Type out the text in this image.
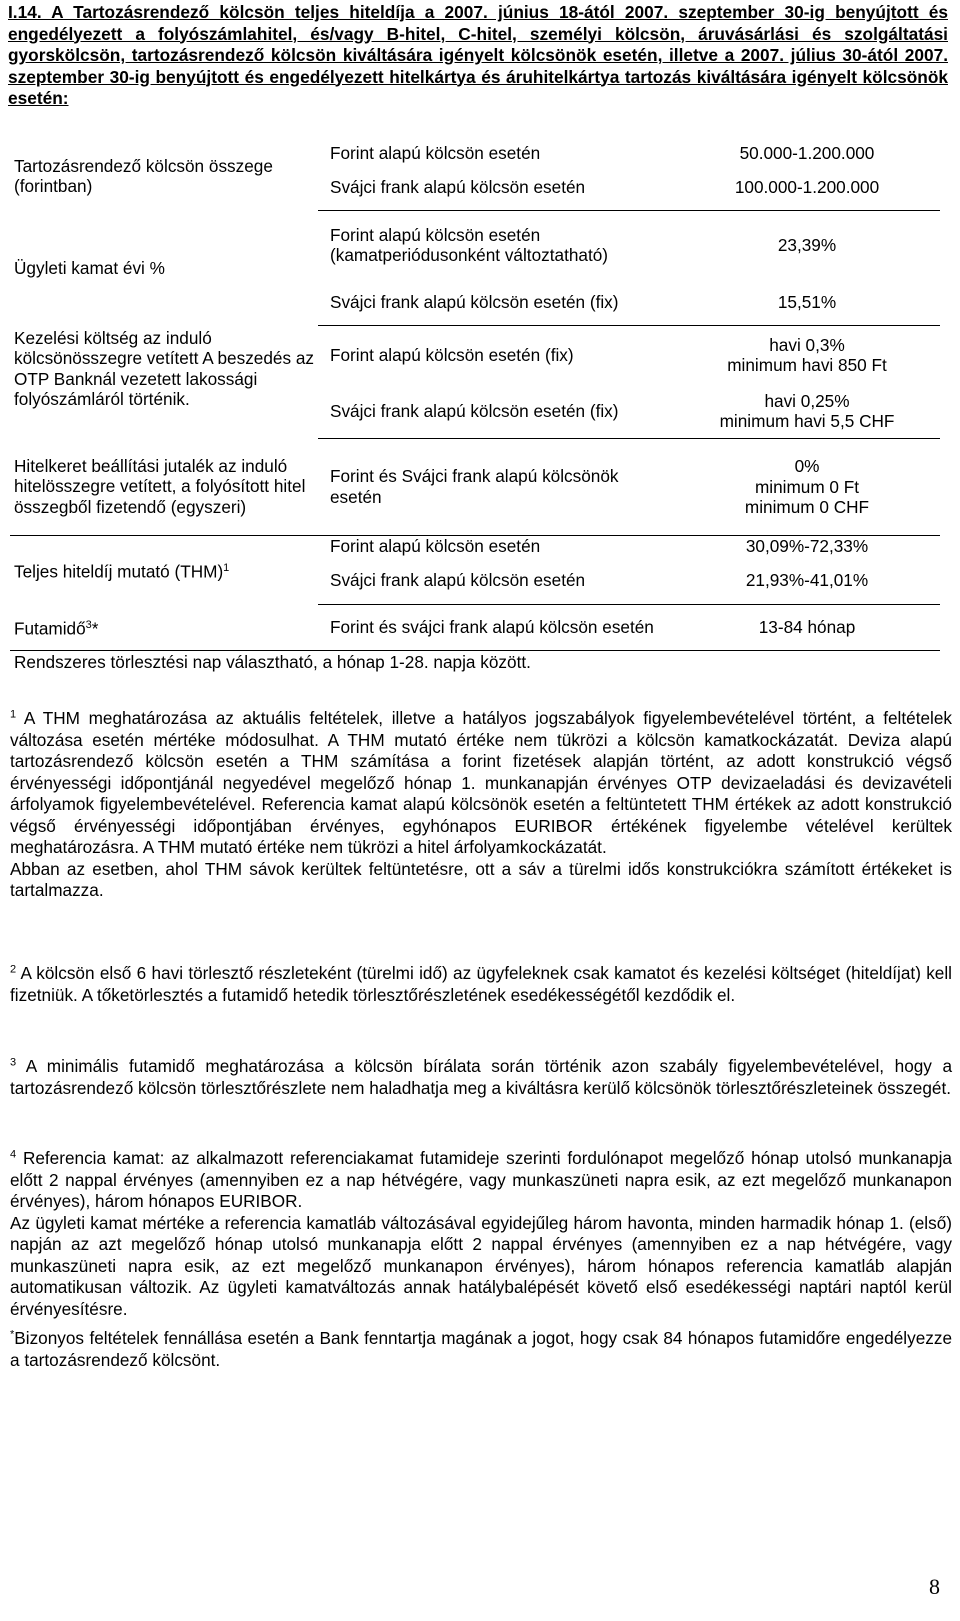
I.14. A Tartozásrendező kölcsön teljes hiteldíja a 2007. június 18-ától 2007. szeptember 30-ig benyújtott és engedélyezett a folyószámlahitel, és/vagy B-hitel, C-hitel, személyi kölcsön, áruvásárlási és szolgáltatási gyorskölcsön, tartozásrendező kölcsön kiváltására igényelt kölcsönök esetén, illetve a 2007. július 30-ától 2007. szeptember 30-ig benyújtott és engedélyezett hitelkártya és áruhitelkártya tartozás kiváltására igényelt kölcsönök esetén:
Tartozásrendező kölcsön összege (forintban)	Forint alapú kölcsön esetén	50.000-1.200.000
	Svájci frank alapú kölcsön esetén	100.000-1.200.000
Ügyleti kamat évi %	Forint alapú kölcsön esetén (kamatperiódusonként változtatható)	23,39%
	Svájci frank alapú kölcsön esetén (fix)	15,51%
Kezelési költség az induló kölcsönösszegre vetített A beszedés az OTP Banknál vezetett lakossági folyószámláról történik.	Forint alapú kölcsön esetén (fix)	havi 0,3%
minimum havi 850 Ft

	Svájci frank alapú kölcsön esetén (fix)	havi 0,25%
minimum havi 5,5 CHF

Hitelkeret beállítási jutalék az induló hitelösszegre vetített, a folyósított hitel összegből fizetendő (egyszeri)	Forint és Svájci frank alapú kölcsönök esetén	0%
minimum 0 Ft
minimum 0 CHF

Teljes hiteldíj mutató (THM)$^1$	Forint alapú kölcsön esetén	30,09%-72,33%
	Svájci frank alapú kölcsön esetén	21,93%-41,01%
Futamidő$^3$*	Forint és svájci frank alapú kölcsön esetén	13-84 hónap
Rendszeres törlesztési nap választható, a hónap 1-28. napja között.		
$^1$ A THM meghatározása az aktuális feltételek, illetve a hatályos jogszabályok figyelembevételével történt, a feltételek változása esetén mértéke módosulhat. A THM mutató értéke nem tükrözi a kölcsön kamatkockázatát. Deviza alapú tartozásrendező kölcsön esetén a THM számítása a forint fizetések alapján történt, az adott konstrukció végső érvényességi időpontjánál negyedével megelőző hónap 1. munkanapján érvényes OTP devizaeladási és devizavételi árfolyamok figyelembevételével. Referencia kamat alapú kölcsönök esetén a feltüntetett THM értékek az adott konstrukció végső érvényességi időpontjában érvényes, egyhónapos EURIBOR értékének figyelembe vételével kerültek meghatározásra. A THM mutató értéke nem tükrözi a hitel árfolyamkockázatát.
Abban az esetben, ahol THM sávok kerültek feltüntetésre, ott a sáv a türelmi idős konstrukciókra számított értékeket is tartalmazza.
$^2$ A kölcsön első 6 havi törlesztő részleteként (türelmi idő) az ügyfeleknek csak kamatot és kezelési költséget (hiteldíjat) kell fizetniük. A tőketörlesztés a futamidő hetedik törlesztőrészletének esedékességétől kezdődik el.
$^3$ A minimális futamidő meghatározása a kölcsön bírálata során történik azon szabály figyelembevételével, hogy a tartozásrendező kölcsön törlesztőrészlete nem haladhatja meg a kiváltásra kerülő kölcsönök törlesztőrészleteinek összegét.
$^4$ Referencia kamat: az alkalmazott referenciakamat futamideje szerinti fordulónapot megelőző hónap utolsó munkanapja előtt 2 nappal érvényes (amennyiben ez a nap hétvégére, vagy munkaszüneti napra esik, az ezt megelőző munkanapon érvényes), három hónapos EURIBOR.
Az ügyleti kamat mértéke a referencia kamatláb változásával egyidejűleg három havonta, minden harmadik hónap 1. (első) napján az azt megelőző hónap utolsó munkanapja előtt 2 nappal érvényes (amennyiben ez a nap hétvégére, vagy munkaszüneti napra esik, az ezt megelőző munkanapon érvényes), három hónapos referencia kamatláb alapján automatikusan változik. Az ügyleti kamatváltozás annak hatálybalépését követő első esedékességi naptári naptól kerül érvényesítésre.
*Bizonyos feltételek fennállása esetén a Bank fenntartja magának a jogot, hogy csak 84 hónapos futamidőre engedélyezze a tartozásrendező kölcsönt.
8
